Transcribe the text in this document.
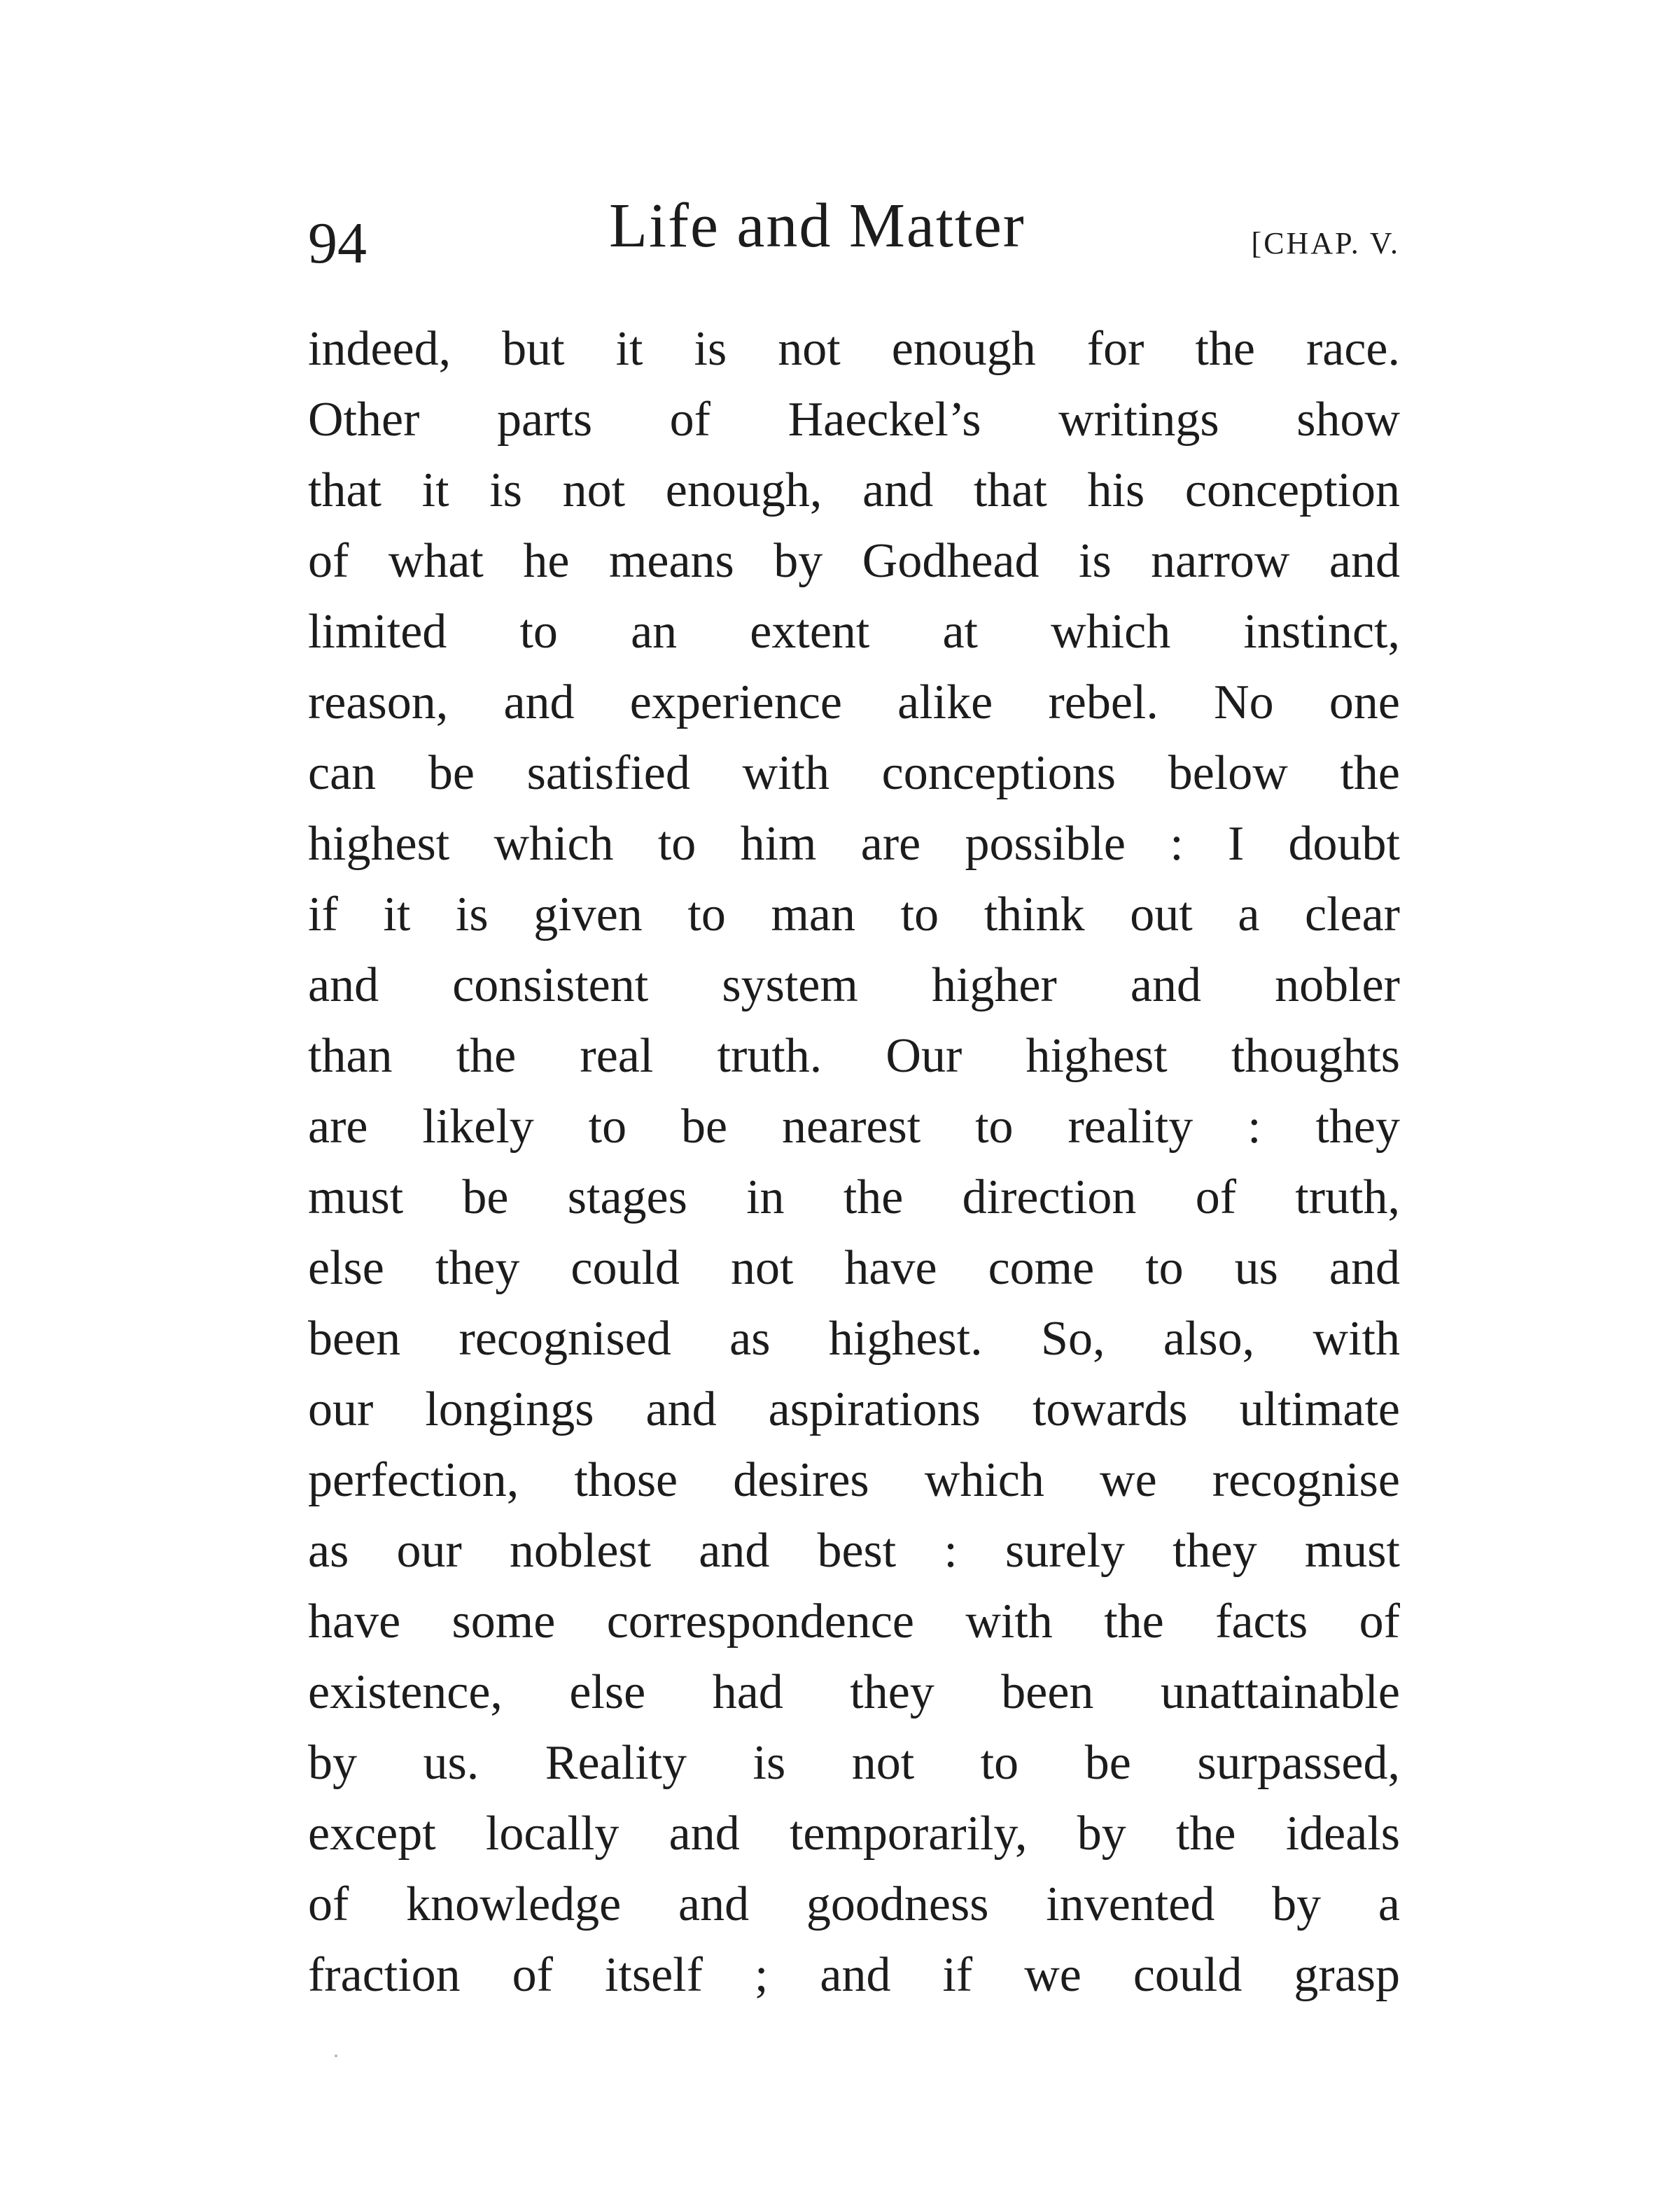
94	Life and Matter	[CHAP. V.
indeed, but it is not enough for the race.
Other parts of Haeckel’s writings show
that it is not enough, and that his conception
of what he means by Godhead is narrow and
limited to an extent at which instinct,
reason, and experience alike rebel. No one
can be satisfied with conceptions below the
highest which to him are possible : I doubt
if it is given to man to think out a clear
and consistent system higher and nobler
than the real truth. Our highest thoughts
are likely to be nearest to reality : they
must be stages in the direction of truth,
else they could not have come to us and
been recognised as highest. So, also, with
our longings and aspirations towards ultimate
perfection, those desires which we recognise
as our noblest and best : surely they must
have some correspondence with the facts of
existence, else had they been unattainable
by us. Reality is not to be surpassed,
except locally and temporarily, by the ideals
of knowledge and goodness invented by a
fraction of itself ; and if we could grasp
